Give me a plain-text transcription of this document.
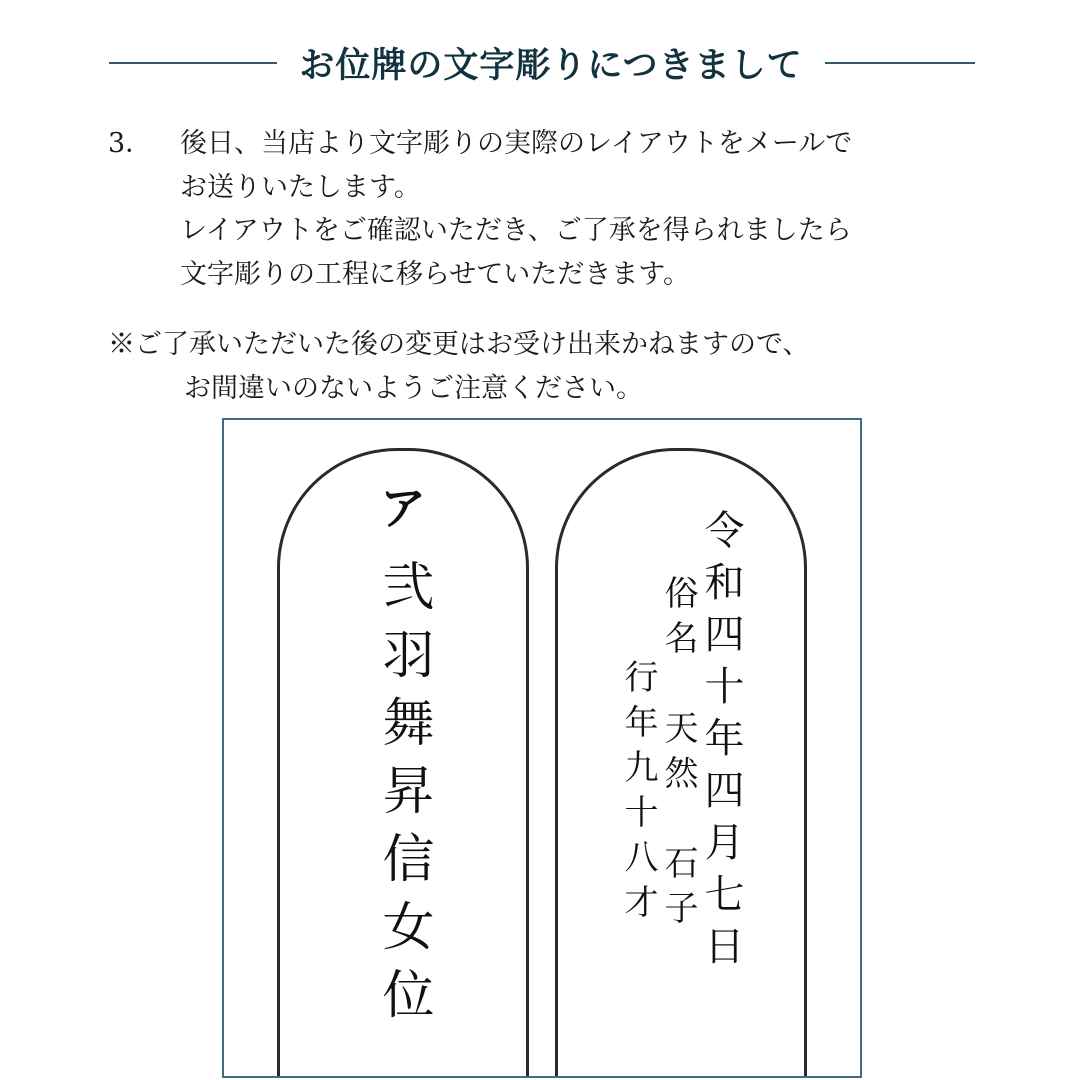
お位牌の文字彫りにつきまして
3．	後日、当店より文字彫りの実際のレイアウトをメールで
お送りいたします。
レイアウトをご確認いただき、ご了承を得られましたら
文字彫りの工程に移らせていただきます。
※ご了承いただいた後の変更はお受け出来かねますので、
お間違いのないようご注意ください。
ア
弐羽舞昇信女位	令和四十年四月七日
俗名　天然　石子
行年九十八才
